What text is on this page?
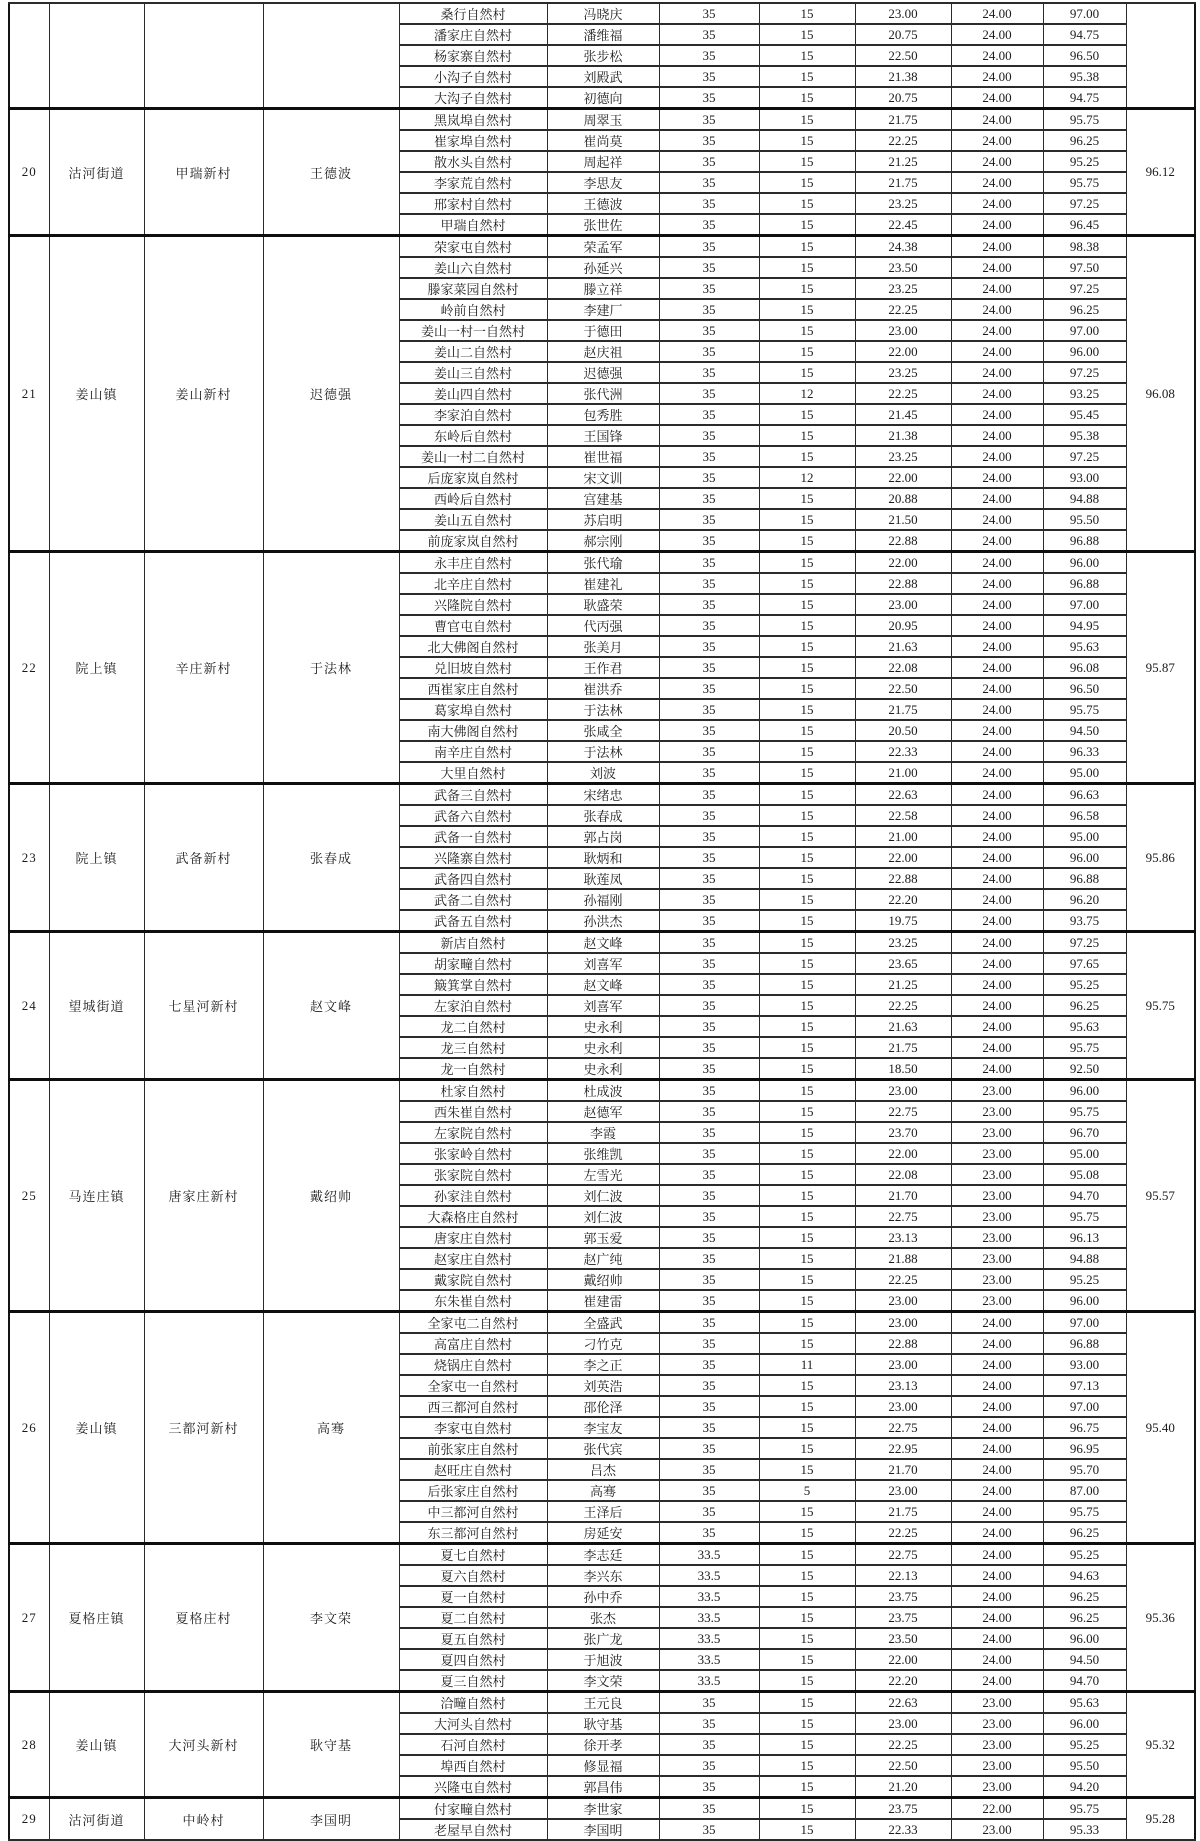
				桑行自然村	冯晓庆	35	15	23.00	24.00	97.00	
				潘家庄自然村	潘维福	35	15	20.75	24.00	94.75	
				杨家寨自然村	张步松	35	15	22.50	24.00	96.50	
				小沟子自然村	刘殿武	35	15	21.38	24.00	95.38	
				大沟子自然村	初德向	35	15	20.75	24.00	94.75	
20	沽河街道	甲瑞新村	王德波	黑岚埠自然村	周翠玉	35	15	21.75	24.00	95.75	96.12
				崔家埠自然村	崔尚莫	35	15	22.25	24.00	96.25	
				散水头自然村	周起祥	35	15	21.25	24.00	95.25	
				李家荒自然村	李思友	35	15	21.75	24.00	95.75	
				邢家村自然村	王德波	35	15	23.25	24.00	97.25	
				甲瑞自然村	张世佐	35	15	22.45	24.00	96.45	
21	姜山镇	姜山新村	迟德强	荣家屯自然村	荣孟军	35	15	24.38	24.00	98.38	96.08
				姜山六自然村	孙延兴	35	15	23.50	24.00	97.50	
				滕家菜园自然村	滕立祥	35	15	23.25	24.00	97.25	
				岭前自然村	李建厂	35	15	22.25	24.00	96.25	
				姜山一村一自然村	于德田	35	15	23.00	24.00	97.00	
				姜山二自然村	赵庆祖	35	15	22.00	24.00	96.00	
				姜山三自然村	迟德强	35	15	23.25	24.00	97.25	
				姜山四自然村	张代洲	35	12	22.25	24.00	93.25	
				李家泊自然村	包秀胜	35	15	21.45	24.00	95.45	
				东岭后自然村	王国锋	35	15	21.38	24.00	95.38	
				姜山一村二自然村	崔世福	35	15	23.25	24.00	97.25	
				后庞家岚自然村	宋文训	35	12	22.00	24.00	93.00	
				西岭后自然村	宫建基	35	15	20.88	24.00	94.88	
				姜山五自然村	苏启明	35	15	21.50	24.00	95.50	
				前庞家岚自然村	郝宗刚	35	15	22.88	24.00	96.88	
22	院上镇	辛庄新村	于法林	永丰庄自然村	张代瑜	35	15	22.00	24.00	96.00	95.87
				北辛庄自然村	崔建礼	35	15	22.88	24.00	96.88	
				兴隆院自然村	耿盛荣	35	15	23.00	24.00	97.00	
				曹官屯自然村	代丙强	35	15	20.95	24.00	94.95	
				北大佛阁自然村	张美月	35	15	21.63	24.00	95.63	
				兑旧坡自然村	王作君	35	15	22.08	24.00	96.08	
				西崔家庄自然村	崔洪乔	35	15	22.50	24.00	96.50	
				葛家埠自然村	于法林	35	15	21.75	24.00	95.75	
				南大佛阁自然村	张咸全	35	15	20.50	24.00	94.50	
				南辛庄自然村	于法林	35	15	22.33	24.00	96.33	
				大里自然村	刘波	35	15	21.00	24.00	95.00	
23	院上镇	武备新村	张春成	武备三自然村	宋绪忠	35	15	22.63	24.00	96.63	95.86
				武备六自然村	张春成	35	15	22.58	24.00	96.58	
				武备一自然村	郭占岗	35	15	21.00	24.00	95.00	
				兴隆寨自然村	耿炳和	35	15	22.00	24.00	96.00	
				武备四自然村	耿莲凤	35	15	22.88	24.00	96.88	
				武备二自然村	孙福刚	35	15	22.20	24.00	96.20	
				武备五自然村	孙洪杰	35	15	19.75	24.00	93.75	
24	望城街道	七星河新村	赵文峰	新店自然村	赵文峰	35	15	23.25	24.00	97.25	95.75
				胡家疃自然村	刘喜军	35	15	23.65	24.00	97.65	
				簸箕掌自然村	赵文峰	35	15	21.25	24.00	95.25	
				左家泊自然村	刘喜军	35	15	22.25	24.00	96.25	
				龙二自然村	史永利	35	15	21.63	24.00	95.63	
				龙三自然村	史永利	35	15	21.75	24.00	95.75	
				龙一自然村	史永利	35	15	18.50	24.00	92.50	
25	马连庄镇	唐家庄新村	戴绍帅	杜家自然村	杜成波	35	15	23.00	23.00	96.00	95.57
				西朱崔自然村	赵德军	35	15	22.75	23.00	95.75	
				左家院自然村	李霞	35	15	23.70	23.00	96.70	
				张家岭自然村	张维凯	35	15	22.00	23.00	95.00	
				张家院自然村	左雪光	35	15	22.08	23.00	95.08	
				孙家洼自然村	刘仁波	35	15	21.70	23.00	94.70	
				大森格庄自然村	刘仁波	35	15	22.75	23.00	95.75	
				唐家庄自然村	郭玉爱	35	15	23.13	23.00	96.13	
				赵家庄自然村	赵广纯	35	15	21.88	23.00	94.88	
				戴家院自然村	戴绍帅	35	15	22.25	23.00	95.25	
				东朱崔自然村	崔建雷	35	15	23.00	23.00	96.00	
26	姜山镇	三都河新村	高骞	全家屯二自然村	全盛武	35	15	23.00	24.00	97.00	95.40
				高富庄自然村	刁竹克	35	15	22.88	24.00	96.88	
				烧锅庄自然村	李之正	35	11	23.00	24.00	93.00	
				全家屯一自然村	刘英浩	35	15	23.13	24.00	97.13	
				西三都河自然村	邵伦泽	35	15	23.00	24.00	97.00	
				李家屯自然村	李宝友	35	15	22.75	24.00	96.75	
				前张家庄自然村	张代宾	35	15	22.95	24.00	96.95	
				赵旺庄自然村	吕杰	35	15	21.70	24.00	95.70	
				后张家庄自然村	高骞	35	5	23.00	24.00	87.00	
				中三都河自然村	王泽后	35	15	21.75	24.00	95.75	
				东三都河自然村	房延安	35	15	22.25	24.00	96.25	
27	夏格庄镇	夏格庄村	李文荣	夏七自然村	李志廷	33.5	15	22.75	24.00	95.25	95.36
				夏六自然村	李兴东	33.5	15	22.13	24.00	94.63	
				夏一自然村	孙中乔	33.5	15	23.75	24.00	96.25	
				夏二自然村	张杰	33.5	15	23.75	24.00	96.25	
				夏五自然村	张广龙	33.5	15	23.50	24.00	96.00	
				夏四自然村	于旭波	33.5	15	22.00	24.00	94.50	
				夏三自然村	李文荣	33.5	15	22.20	24.00	94.70	
28	姜山镇	大河头新村	耿守基	洽疃自然村	王元良	35	15	22.63	23.00	95.63	95.32
				大河头自然村	耿守基	35	15	23.00	23.00	96.00	
				石河自然村	徐开孝	35	15	22.25	23.00	95.25	
				埠西自然村	修显福	35	15	22.50	23.00	95.50	
				兴隆屯自然村	郭昌伟	35	15	21.20	23.00	94.20	
29	沽河街道	中岭村	李国明	付家疃自然村	李世家	35	15	23.75	22.00	95.75	95.28
				老屋早自然村	李国明	35	15	22.33	23.00	95.33	
